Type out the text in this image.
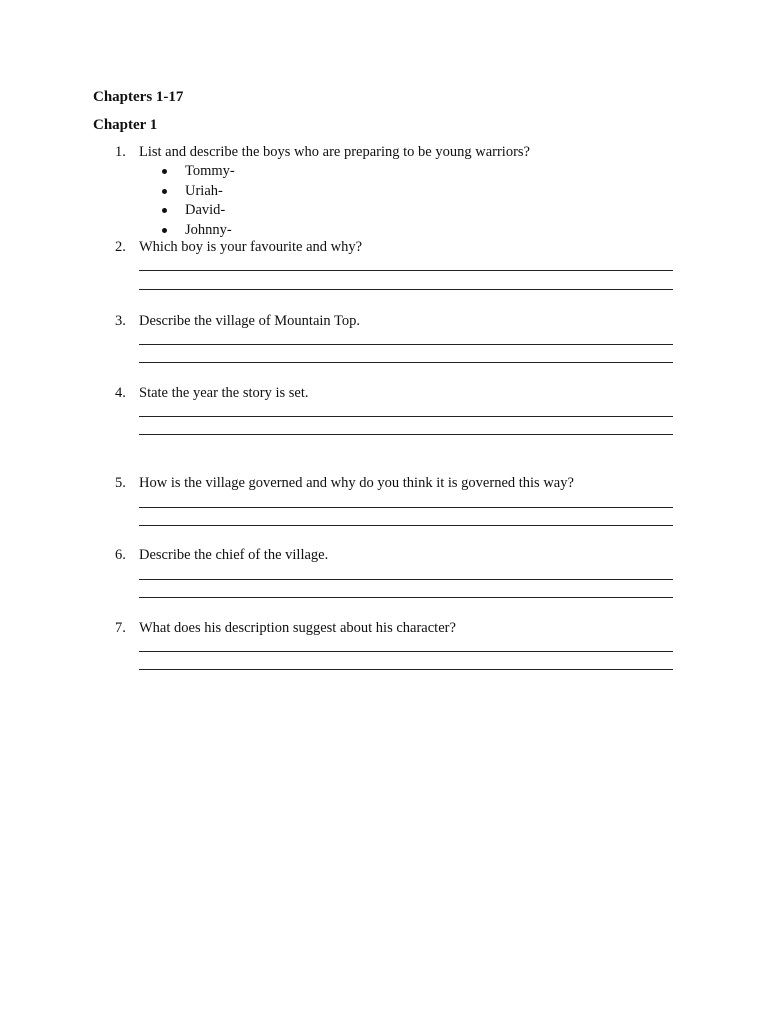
Chapters 1-17
Chapter 1
1. List and describe the boys who are preparing to be young warriors?
Tommy-
Uriah-
David-
Johnny-
2. Which boy is your favourite and why?
3. Describe the village of Mountain Top.
4. State the year the story is set.
5. How is the village governed and why do you think it is governed this way?
6. Describe the chief of the village.
7. What does his description suggest about his character?
